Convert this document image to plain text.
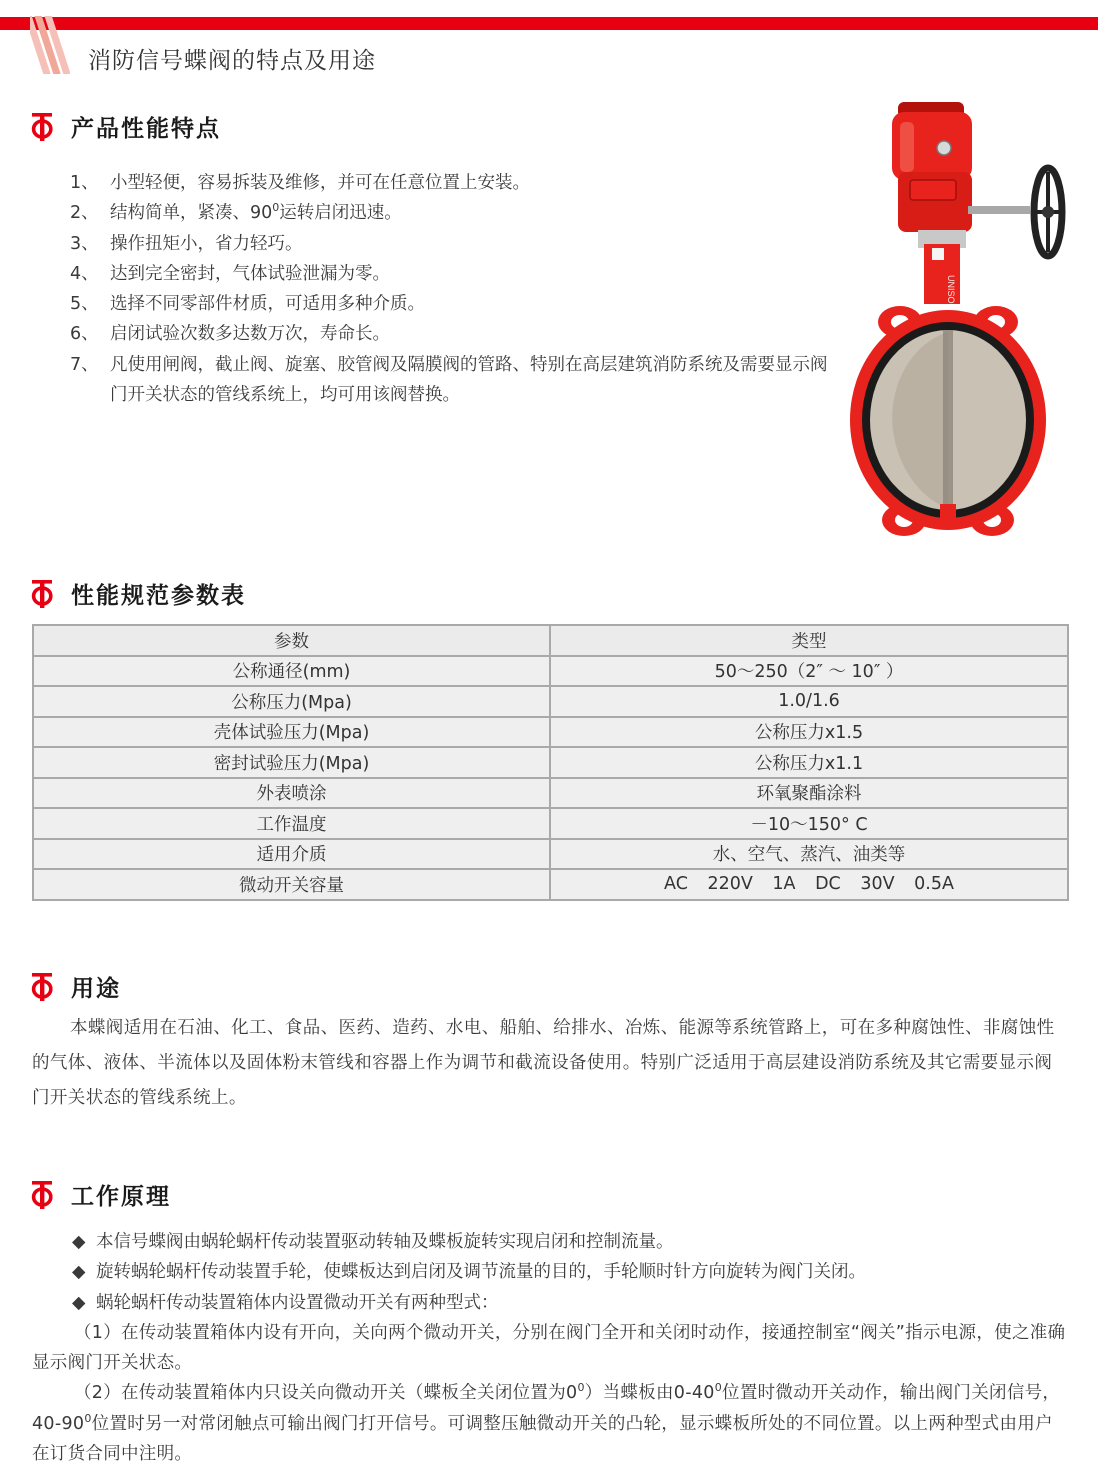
消防信号蝶阀的特点及用途
产品性能特点
1、 小型轻便，容易拆装及维修，并可在任意位置上安装。
2、 结构简单，紧凑、$90^0$运转启闭迅速。
3、 操作扭矩小，省力轻巧。
4、 达到完全密封，气体试验泄漏为零。
5、 选择不同零部件材质，可适用多种介质。
6、 启闭试验次数多达数万次，寿命长。
7、 凡使用闸阀，截止阀、旋塞、胶管阀及隔膜阀的管路、特别在高层建筑消防系统及需要显示阀门开关状态的管线系统上，均可用该阀替换。
UNISO
性能规范参数表
参数	类型
公称通径(mm)	50～250（2″ ～ 10″ ）
公称压力(Mpa)	1.0/1.6
壳体试验压力(Mpa)	公称压力x1.5
密封试验压力(Mpa)	公称压力x1.1
外表喷涂	环氧聚酯涂料
工作温度	－10～150° C
适用介质	水、空气、蒸汽、油类等
微动开关容量	AC 220V 1A DC 30V 0.5A
用途
本蝶阀适用在石油、化工、食品、医药、造药、水电、船舶、给排水、冶炼、能源等系统管路上，可在多种腐蚀性、非腐蚀性的气体、液体、半流体以及固体粉末管线和容器上作为调节和截流设备使用。特别广泛适用于高层建设消防系统及其它需要显示阀门开关状态的管线系统上。
工作原理
◆ 本信号蝶阀由蜗轮蜗杆传动装置驱动转轴及蝶板旋转实现启闭和控制流量。
◆ 旋转蜗轮蜗杆传动装置手轮，使蝶板达到启闭及调节流量的目的，手轮顺时针方向旋转为阀门关闭。
◆ 蜗轮蜗杆传动装置箱体内设置微动开关有两种型式：

（1）在传动装置箱体内设有开向，关向两个微动开关，分别在阀门全开和关闭时动作，接通控制室“阀关”指示电源，使之准确显示阀门开关状态。

（2）在传动装置箱体内只设关向微动开关（蝶板全关闭位置为$0^0$）当蝶板由$0-40^0$位置时微动开关动作，输出阀门关闭信号，$40-90^0$位置时另一对常闭触点可输出阀门打开信号。可调整压触微动开关的凸轮，显示蝶板所处的不同位置。以上两种型式由用户在订货合同中注明。
